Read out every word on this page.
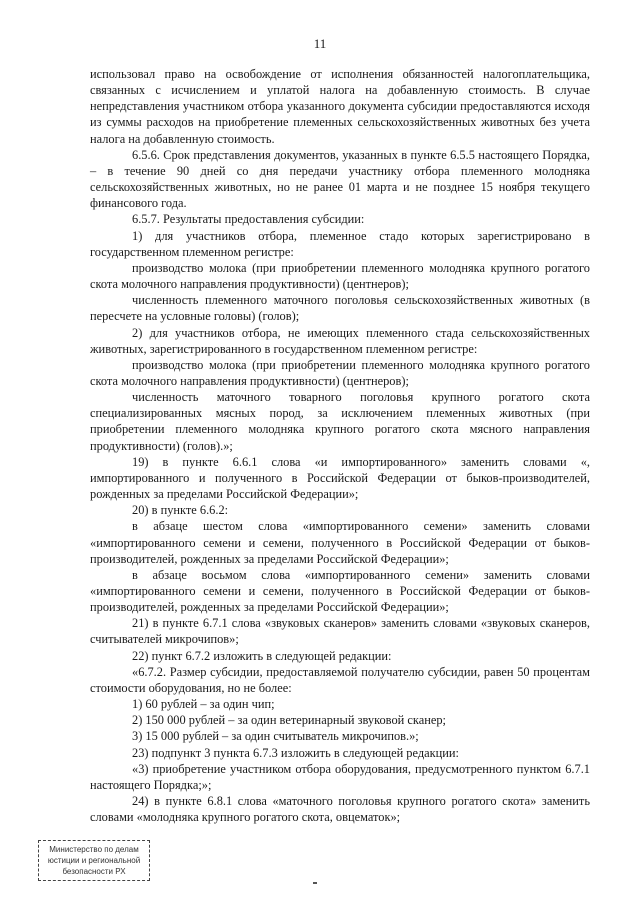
11

использовал право на освобождение от исполнения обязанностей налогоплательщика, связанных с исчислением и уплатой налога на добавленную стоимость. В случае непредставления участником отбора указанного документа субсидии предоставляются исходя из суммы расходов на приобретение племенных сельскохозяйственных животных без учета налога на добавленную стоимость.

6.5.6. Срок представления документов, указанных в пункте 6.5.5 настоящего Порядка, – в течение 90 дней со дня передачи участнику отбора племенного молодняка сельскохозяйственных животных, но не ранее 01 марта и не позднее 15 ноября текущего финансового года.

6.5.7. Результаты предоставления субсидии:

1) для участников отбора, племенное стадо которых зарегистрировано в государственном племенном регистре:

производство молока (при приобретении племенного молодняка крупного рогатого скота молочного направления продуктивности) (центнеров);

численность племенного маточного поголовья сельскохозяйственных животных (в пересчете на условные головы) (голов);

2) для участников отбора, не имеющих племенного стада сельскохозяйственных животных, зарегистрированного в государственном племенном регистре:

производство молока (при приобретении племенного молодняка крупного рогатого скота молочного направления продуктивности) (центнеров);

численность маточного товарного поголовья крупного рогатого скота специализированных мясных пород, за исключением племенных животных (при приобретении племенного молодняка крупного рогатого скота мясного направления продуктивности) (голов).»;

19) в пункте 6.6.1 слова «и импортированного» заменить словами «, импортированного и полученного в Российской Федерации от быков-производителей, рожденных за пределами Российской Федерации»;

20) в пункте 6.6.2:

в абзаце шестом слова «импортированного семени» заменить словами «импортированного семени и семени, полученного в Российской Федерации от быков-производителей, рожденных за пределами Российской Федерации»;

в абзаце восьмом слова «импортированного семени» заменить словами «импортированного семени и семени, полученного в Российской Федерации от быков-производителей, рожденных за пределами Российской Федерации»;

21) в пункте 6.7.1 слова «звуковых сканеров» заменить словами «звуковых сканеров, считывателей микрочипов»;

22) пункт 6.7.2 изложить в следующей редакции:

«6.7.2. Размер субсидии, предоставляемой получателю субсидии, равен 50 процентам стоимости оборудования, но не более:

1) 60 рублей – за один чип;

2) 150 000 рублей – за один ветеринарный звуковой сканер;

3) 15 000 рублей – за один считыватель микрочипов.»;

23) подпункт 3 пункта 6.7.3 изложить в следующей редакции:

«3) приобретение участником отбора оборудования, предусмотренного пунктом 6.7.1 настоящего Порядка;»;

24) в пункте 6.8.1 слова «маточного поголовья крупного рогатого скота» заменить словами «молодняка крупного рогатого скота, овцематок»;

Министерство по делам
юстиции и региональной
безопасности РХ
